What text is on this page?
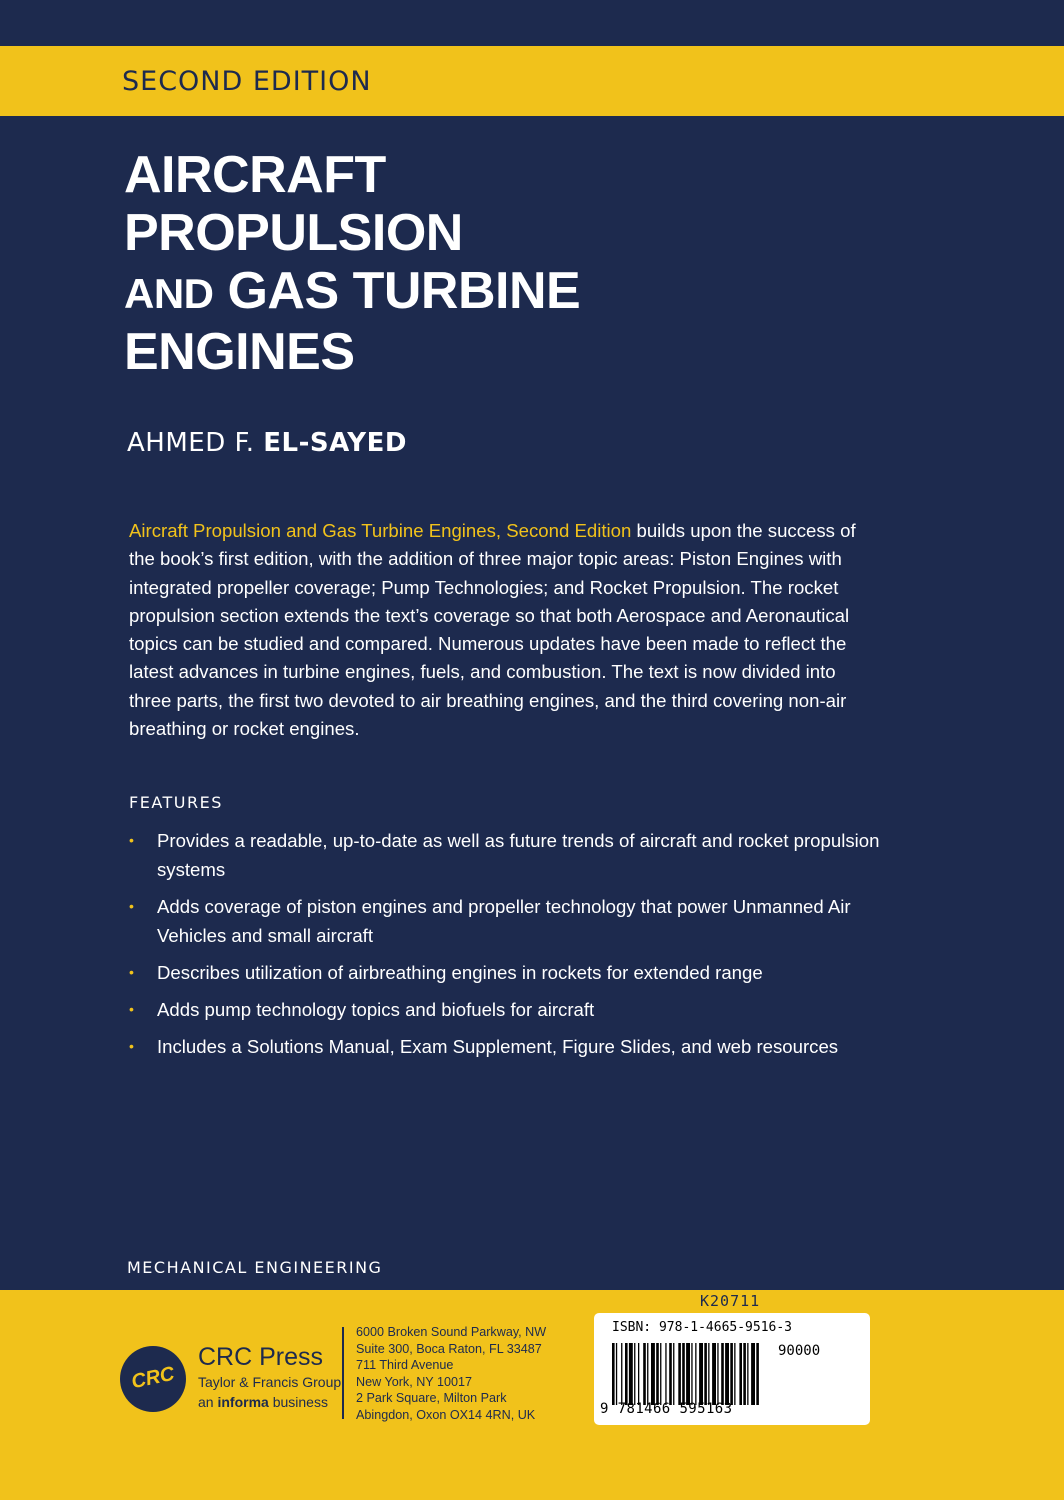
SECOND EDITION
AIRCRAFT
PROPULSION
AND GAS TURBINE
ENGINES
AHMED F. EL-SAYED

Aircraft Propulsion and Gas Turbine Engines, Second Edition builds upon the success of the book’s first edition, with the addition of three major topic areas: Piston Engines with integrated propeller coverage; Pump Technologies; and Rocket Propulsion. The rocket propulsion section extends the text’s coverage so that both Aerospace and Aeronautical topics can be studied and compared. Numerous updates have been made to reflect the latest advances in turbine engines, fuels, and combustion. The text is now divided into three parts, the first two devoted to air breathing engines, and the third covering non-air breathing or rocket engines.

FEATURES
• Provides a readable, up-to-date as well as future trends of aircraft and rocket propulsion systems
• Adds coverage of piston engines and propeller technology that power Unmanned Air Vehicles and small aircraft
• Describes utilization of airbreathing engines in rockets for extended range
• Adds pump technology topics and biofuels for aircraft
• Includes a Solutions Manual, Exam Supplement, Figure Slides, and web resources
MECHANICAL ENGINEERING
CRC
CRC Press
Taylor & Francis Group
an informa business
6000 Broken Sound Parkway, NW
Suite 300, Boca Raton, FL 33487
711 Third Avenue
New York, NY 10017
2 Park Square, Milton Park
Abingdon, Oxon OX14 4RN, UK
K20711
ISBN: 978-1-4665-9516-3
90000
9 781466 595163
